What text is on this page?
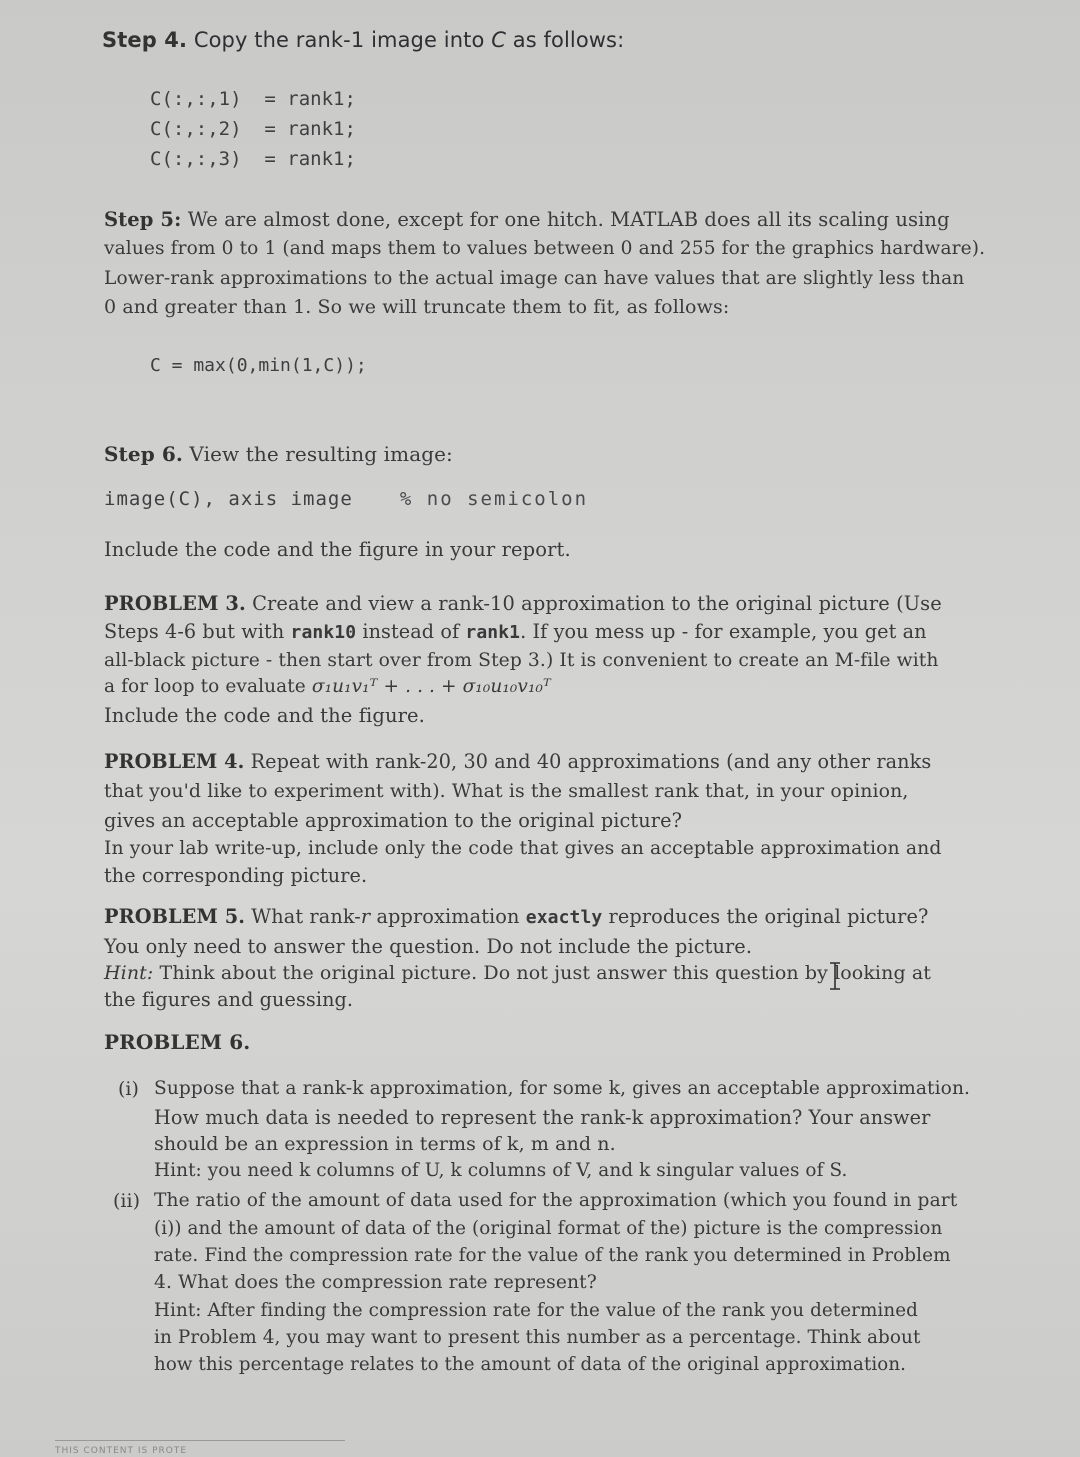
Step 4. Copy the rank-1 image into C as follows:
C(:,:,1) = rank1;
C(:,:,2) = rank1;
C(:,:,3) = rank1;
Step 5: We are almost done, except for one hitch. MATLAB does all its scaling using
values from 0 to 1 (and maps them to values between 0 and 255 for the graphics hardware).
Lower-rank approximations to the actual image can have values that are slightly less than
0 and greater than 1. So we will truncate them to fit, as follows:
C = max(0,min(1,C));
Step 6. View the resulting image:
image(C), axis image % no semicolon
Include the code and the figure in your report.
PROBLEM 3. Create and view a rank-10 approximation to the original picture (Use
Steps 4-6 but with rank10 instead of rank1. If you mess up - for example, you get an
all-black picture - then start over from Step 3.) It is convenient to create an M-file with
a for loop to evaluate σ₁u₁v₁ᵀ + . . . + σ₁₀u₁₀v₁₀ᵀ
Include the code and the figure.
PROBLEM 4. Repeat with rank-20, 30 and 40 approximations (and any other ranks
that you'd like to experiment with). What is the smallest rank that, in your opinion,
gives an acceptable approximation to the original picture?
In your lab write-up, include only the code that gives an acceptable approximation and
the corresponding picture.
PROBLEM 5. What rank-r approximation exactly reproduces the original picture?
You only need to answer the question. Do not include the picture.
Hint: Think about the original picture. Do not just answer this question by looking at
the figures and guessing.
PROBLEM 6.
(i) Suppose that a rank-k approximation, for some k, gives an acceptable approximation.
How much data is needed to represent the rank-k approximation? Your answer
should be an expression in terms of k, m and n.
Hint: you need k columns of U, k columns of V, and k singular values of S.
(ii) The ratio of the amount of data used for the approximation (which you found in part
(i)) and the amount of data of the (original format of the) picture is the compression
rate. Find the compression rate for the value of the rank you determined in Problem
4. What does the compression rate represent?
Hint: After finding the compression rate for the value of the rank you determined
in Problem 4, you may want to present this number as a percentage. Think about
how this percentage relates to the amount of data of the original approximation.
THIS CONTENT IS PROTE
